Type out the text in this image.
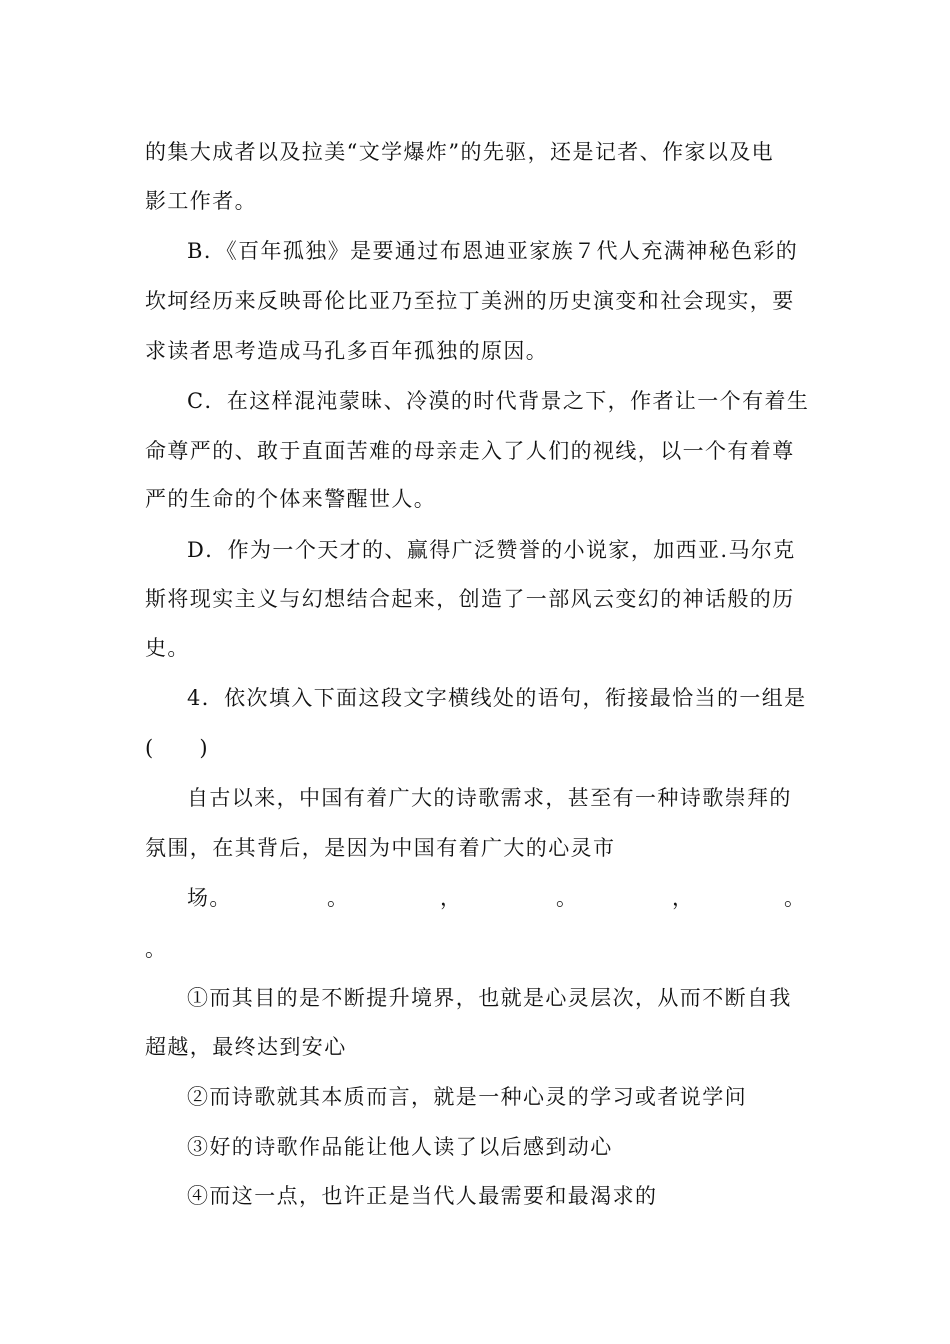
的集大成者以及拉美“文学爆炸”的先驱，还是记者、作家以及电
影工作者。
B．《百年孤独》是要通过布恩迪亚家族７代人充满神秘色彩的
坎坷经历来反映哥伦比亚乃至拉丁美洲的历史演变和社会现实，要
求读者思考造成马孔多百年孤独的原因。
C．在这样混沌蒙昧、冷漠的时代背景之下，作者让一个有着生
命尊严的、敢于直面苦难的母亲走入了人们的视线，以一个有着尊
严的生命的个体来警醒世人。
D．作为一个天才的、赢得广泛赞誉的小说家，加西亚.马尔克
斯将现实主义与幻想结合起来，创造了一部风云变幻的神话般的历
史。
4．依次填入下面这段文字横线处的语句，衔接最恰当的一组是
(　　)
自古以来，中国有着广大的诗歌需求，甚至有一种诗歌崇拜的
氛围，在其背后，是因为中国有着广大的心灵市
场。	。	，	。	，	。
。
①而其目的是不断提升境界，也就是心灵层次，从而不断自我
超越，最终达到安心
②而诗歌就其本质而言，就是一种心灵的学习或者说学问
③好的诗歌作品能让他人读了以后感到动心
④而这一点，也许正是当代人最需要和最渴求的
